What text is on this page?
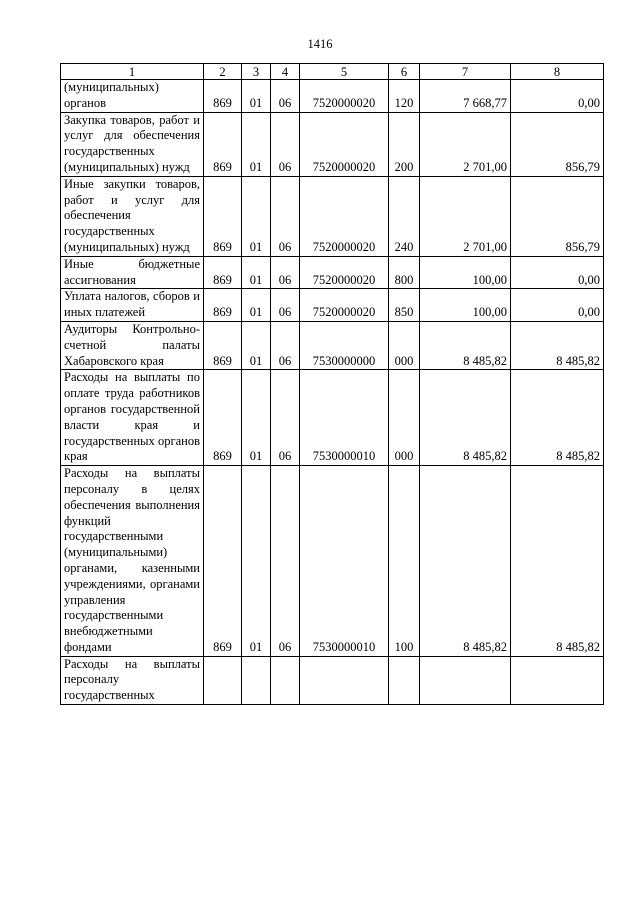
1416
1	2	3	4	5	6	7	8
(муниципальных) органов	869	01	06	7520000020	120	7 668,77	0,00
Закупка товаров, работ и услуг для обеспечения государственных (муниципальных) нужд	869	01	06	7520000020	200	2 701,00	856,79
Иные закупки товаров, работ и услуг для обеспечения государственных (муниципальных) нужд	869	01	06	7520000020	240	2 701,00	856,79
Иные бюджетные ассигнования	869	01	06	7520000020	800	100,00	0,00
Уплата налогов, сборов и иных платежей	869	01	06	7520000020	850	100,00	0,00
Аудиторы Контрольно-счетной палаты Хабаровского края	869	01	06	7530000000	000	8 485,82	8 485,82
Расходы на выплаты по оплате труда работников органов государственной власти края и государственных органов края	869	01	06	7530000010	000	8 485,82	8 485,82
Расходы на выплаты персоналу в целях обеспечения выполнения функций государственными (муниципальными) органами, казенными учреждениями, органами управления государственными внебюджетными фондами	869	01	06	7530000010	100	8 485,82	8 485,82
Расходы на выплаты персоналу государственных							
